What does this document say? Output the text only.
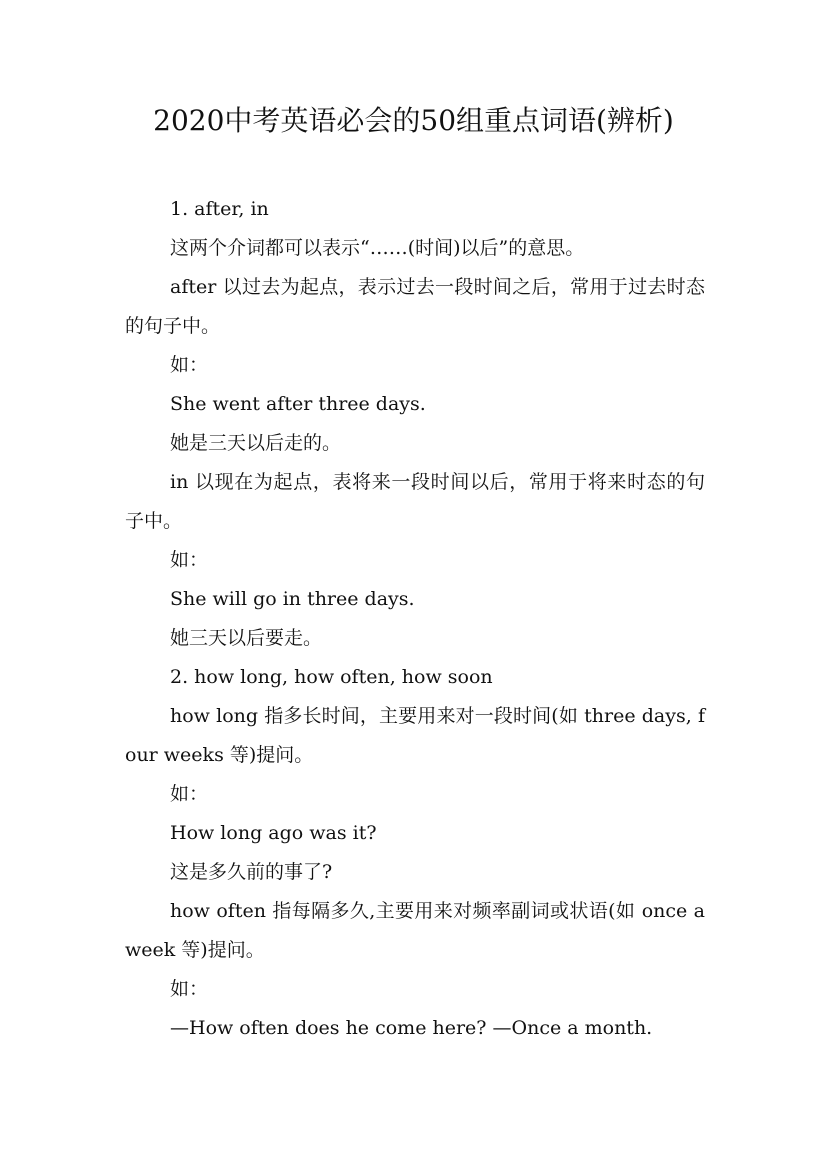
2020中考英语必会的50组重点词语(辨析)

1. after, in

这两个介词都可以表示“……(时间)以后”的意思。

after 以过去为起点，表示过去一段时间之后，常用于过去时态的句子中。

如：

She went after three days.

她是三天以后走的。

in 以现在为起点，表将来一段时间以后，常用于将来时态的句子中。

如：

She will go in three days.

她三天以后要走。

2. how long, how often, how soon

how long 指多长时间，主要用来对一段时间(如 three days, four weeks 等)提问。

如：

How long ago was it?

这是多久前的事了?

how often 指每隔多久,主要用来对频率副词或状语(如 once a week 等)提问。

如：

—How often does he come here? —Once a month.
